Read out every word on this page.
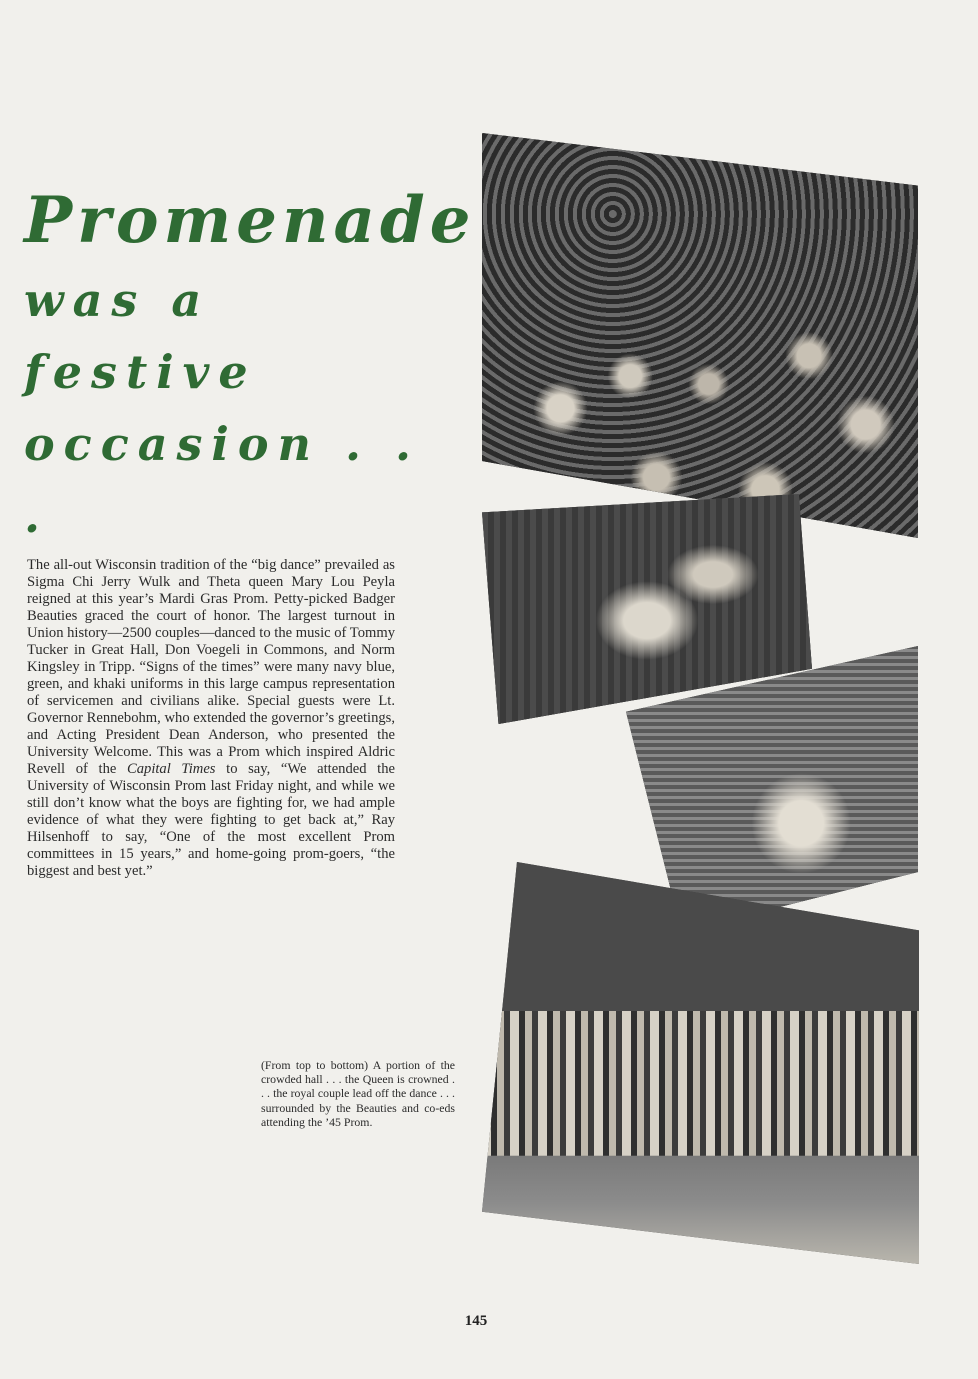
Promenade
was a festive
occasion . . .

The all-out Wisconsin tradition of the “big dance” prevailed as Sigma Chi Jerry Wulk and Theta queen Mary Lou Peyla reigned at this year’s Mardi Gras Prom. Petty-picked Badger Beauties graced the court of honor. The largest turnout in Union history—2500 couples—danced to the music of Tommy Tucker in Great Hall, Don Voegeli in Commons, and Norm Kingsley in Tripp. “Signs of the times” were many navy blue, green, and khaki uniforms in this large campus representation of servicemen and civilians alike. Special guests were Lt. Governor Rennebohm, who extended the governor’s greetings, and Acting President Dean Anderson, who presented the University Welcome. This was a Prom which inspired Aldric Revell of the Capital Times to say, “We attended the University of Wisconsin Prom last Friday night, and while we still don’t know what the boys are fighting for, we had ample evidence of what they were fighting to get back at,” Ray Hilsenhoff to say, “One of the most excellent Prom committees in 15 years,” and home-going prom-goers, “the biggest and best yet.”

(From top to bottom) A portion of the crowded hall . . . the Queen is crowned . . . the royal couple lead off the dance . . . surrounded by the Beauties and co-eds attending the ’45 Prom.

145
